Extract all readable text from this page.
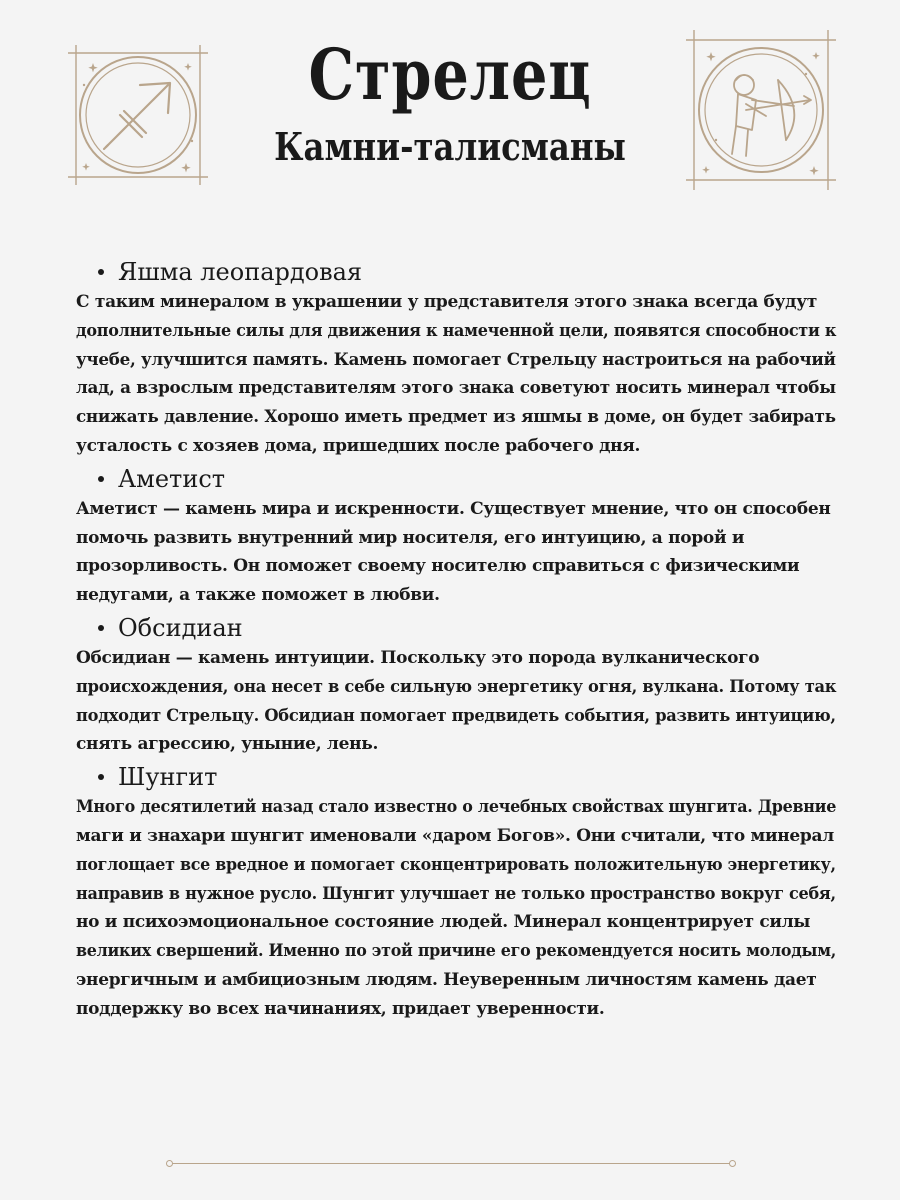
Стрелец
Камни-талисманы
Яшма леопардовая
С таким минералом в украшении у представителя этого знака всегда будут
дополнительные силы для движения к намеченной цели, появятся способности к
учебе, улучшится память. Камень помогает Стрельцу настроиться на рабочий
лад, а взрослым представителям этого знака советуют носить минерал чтобы
снижать давление. Хорошо иметь предмет из яшмы в доме, он будет забирать
усталость с хозяев дома, пришедших после рабочего дня.
Аметист
Аметист — камень мира и искренности. Существует мнение, что он способен
помочь развить внутренний мир носителя, его интуицию, а порой и
прозорливость. Он поможет своему носителю справиться с физическими
недугами, а также поможет в любви.
Обсидиан
Обсидиан — камень интуиции. Поскольку это порода вулканического
происхождения, она несет в себе сильную энергетику огня, вулкана. Потому так
подходит Стрельцу. Обсидиан помогает предвидеть события, развить интуицию,
снять агрессию, уныние, лень.
Шунгит
Много десятилетий назад стало известно о лечебных свойствах шунгита. Древние
маги и знахари шунгит именовали «даром Богов». Они считали, что минерал
поглощает все вредное и помогает сконцентрировать положительную энергетику,
направив в нужное русло. Шунгит улучшает не только пространство вокруг себя,
но и психоэмоциональное состояние людей. Минерал концентрирует силы
великих свершений. Именно по этой причине его рекомендуется носить молодым,
энергичным и амбициозным людям. Неуверенным личностям камень дает
поддержку во всех начинаниях, придает уверенности.
